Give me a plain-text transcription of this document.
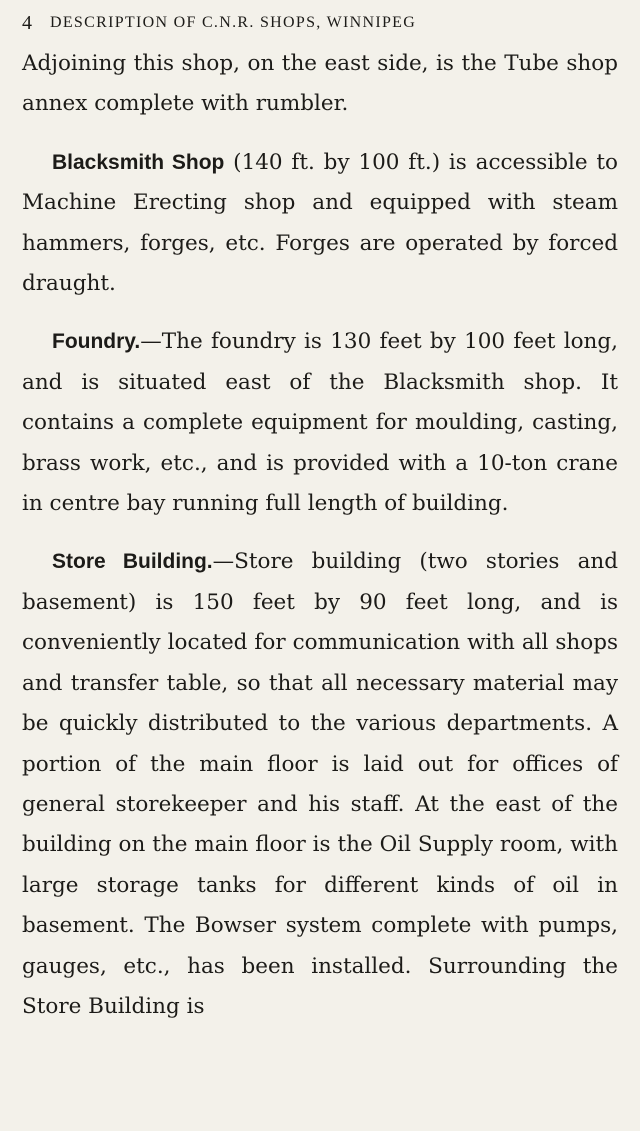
4 DESCRIPTION OF C.N.R. SHOPS, WINNIPEG

Adjoining this shop, on the east side, is the Tube shop annex complete with rumbler.

Blacksmith Shop (140 ft. by 100 ft.) is accessible to Machine Erecting shop and equipped with steam hammers, forges, etc. Forges are operated by forced draught.

Foundry.—The foundry is 130 feet by 100 feet long, and is situated east of the Blacksmith shop. It contains a complete equipment for moulding, casting, brass work, etc., and is provided with a 10-ton crane in centre bay running full length of building.

Store Building.—Store building (two stories and basement) is 150 feet by 90 feet long, and is conveniently located for communication with all shops and transfer table, so that all necessary material may be quickly distributed to the various departments. A portion of the main floor is laid out for offices of general storekeeper and his staff. At the east of the building on the main floor is the Oil Supply room, with large storage tanks for different kinds of oil in basement. The Bowser system complete with pumps, gauges, etc., has been installed. Surrounding the Store Building is
